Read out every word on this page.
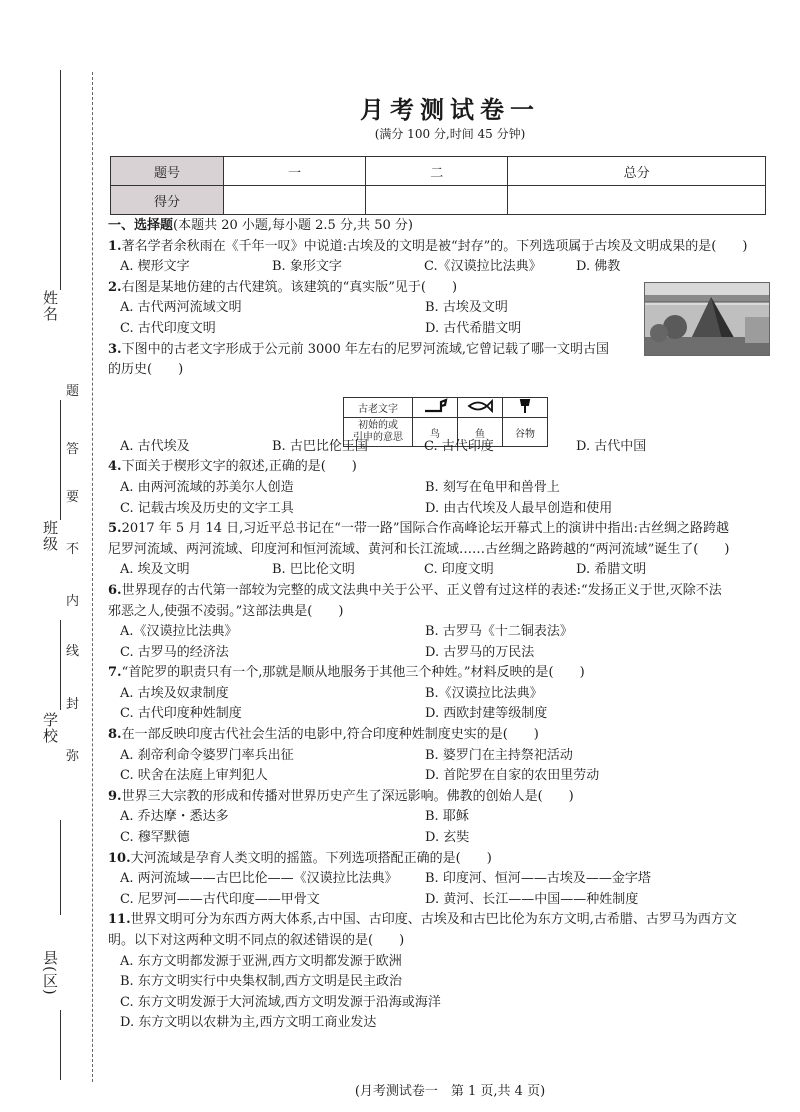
姓名
班级
学校
县(区)
题
答
要
不
内
线
封
弥
月考测试卷一
(满分 100 分,时间 45 分钟)
题号	一	二	总分
得分			
古老文字			
初始的或
引申的意思	鸟	鱼	谷物
一、选择题(本题共 20 小题,每小题 2.5 分,共 50 分)
1.著名学者余秋雨在《千年一叹》中说道:古埃及的文明是被“封存”的。下列选项属于古埃及文明成果的是(　　)
A. 楔形文字	B. 象形文字	C.《汉谟拉比法典》	D. 佛教
2.右图是某地仿建的古代建筑。该建筑的“真实版”见于(　　)
A. 古代两河流域文明	B. 古埃及文明
C. 古代印度文明	D. 古代希腊文明
3.下图中的古老文字形成于公元前 3000 年左右的尼罗河流域,它曾记载了哪一文明古国
的历史(　　)
A. 古代埃及	B. 古巴比伦王国	C. 古代印度	D. 古代中国
4.下面关于楔形文字的叙述,正确的是(　　)
A. 由两河流域的苏美尔人创造	B. 刻写在龟甲和兽骨上
C. 记载古埃及历史的文字工具	D. 由古代埃及人最早创造和使用
5.2017 年 5 月 14 日,习近平总书记在“一带一路”国际合作高峰论坛开幕式上的演讲中指出:古丝绸之路跨越
尼罗河流域、两河流域、印度河和恒河流域、黄河和长江流域……古丝绸之路跨越的“两河流域”诞生了(　　)
A. 埃及文明	B. 巴比伦文明	C. 印度文明	D. 希腊文明
6.世界现存的古代第一部较为完整的成文法典中关于公平、正义曾有过这样的表述:“发扬正义于世,灭除不法
邪恶之人,使强不凌弱。”这部法典是(　　)
A.《汉谟拉比法典》	B. 古罗马《十二铜表法》
C. 古罗马的经济法	D. 古罗马的万民法
7.“首陀罗的职责只有一个,那就是顺从地服务于其他三个种姓。”材料反映的是(　　)
A. 古埃及奴隶制度	B.《汉谟拉比法典》
C. 古代印度种姓制度	D. 西欧封建等级制度
8.在一部反映印度古代社会生活的电影中,符合印度种姓制度史实的是(　　)
A. 刹帝利命令婆罗门率兵出征	B. 婆罗门在主持祭祀活动
C. 吠舍在法庭上审判犯人	D. 首陀罗在自家的农田里劳动
9.世界三大宗教的形成和传播对世界历史产生了深远影响。佛教的创始人是(　　)
A. 乔达摩・悉达多	B. 耶稣
C. 穆罕默德	D. 玄奘
10.大河流域是孕育人类文明的摇篮。下列选项搭配正确的是(　　)
A. 两河流域——古巴比伦——《汉谟拉比法典》	B. 印度河、恒河——古埃及——金字塔
C. 尼罗河——古代印度——甲骨文	D. 黄河、长江——中国——种姓制度
11.世界文明可分为东西方两大体系,古中国、古印度、古埃及和古巴比伦为东方文明,古希腊、古罗马为西方文
明。以下对这两种文明不同点的叙述错误的是(　　)
A. 东方文明都发源于亚洲,西方文明都发源于欧洲
B. 东方文明实行中央集权制,西方文明是民主政治
C. 东方文明发源于大河流域,西方文明发源于沿海或海洋
D. 东方文明以农耕为主,西方文明工商业发达
(月考测试卷一　第 1 页,共 4 页)
